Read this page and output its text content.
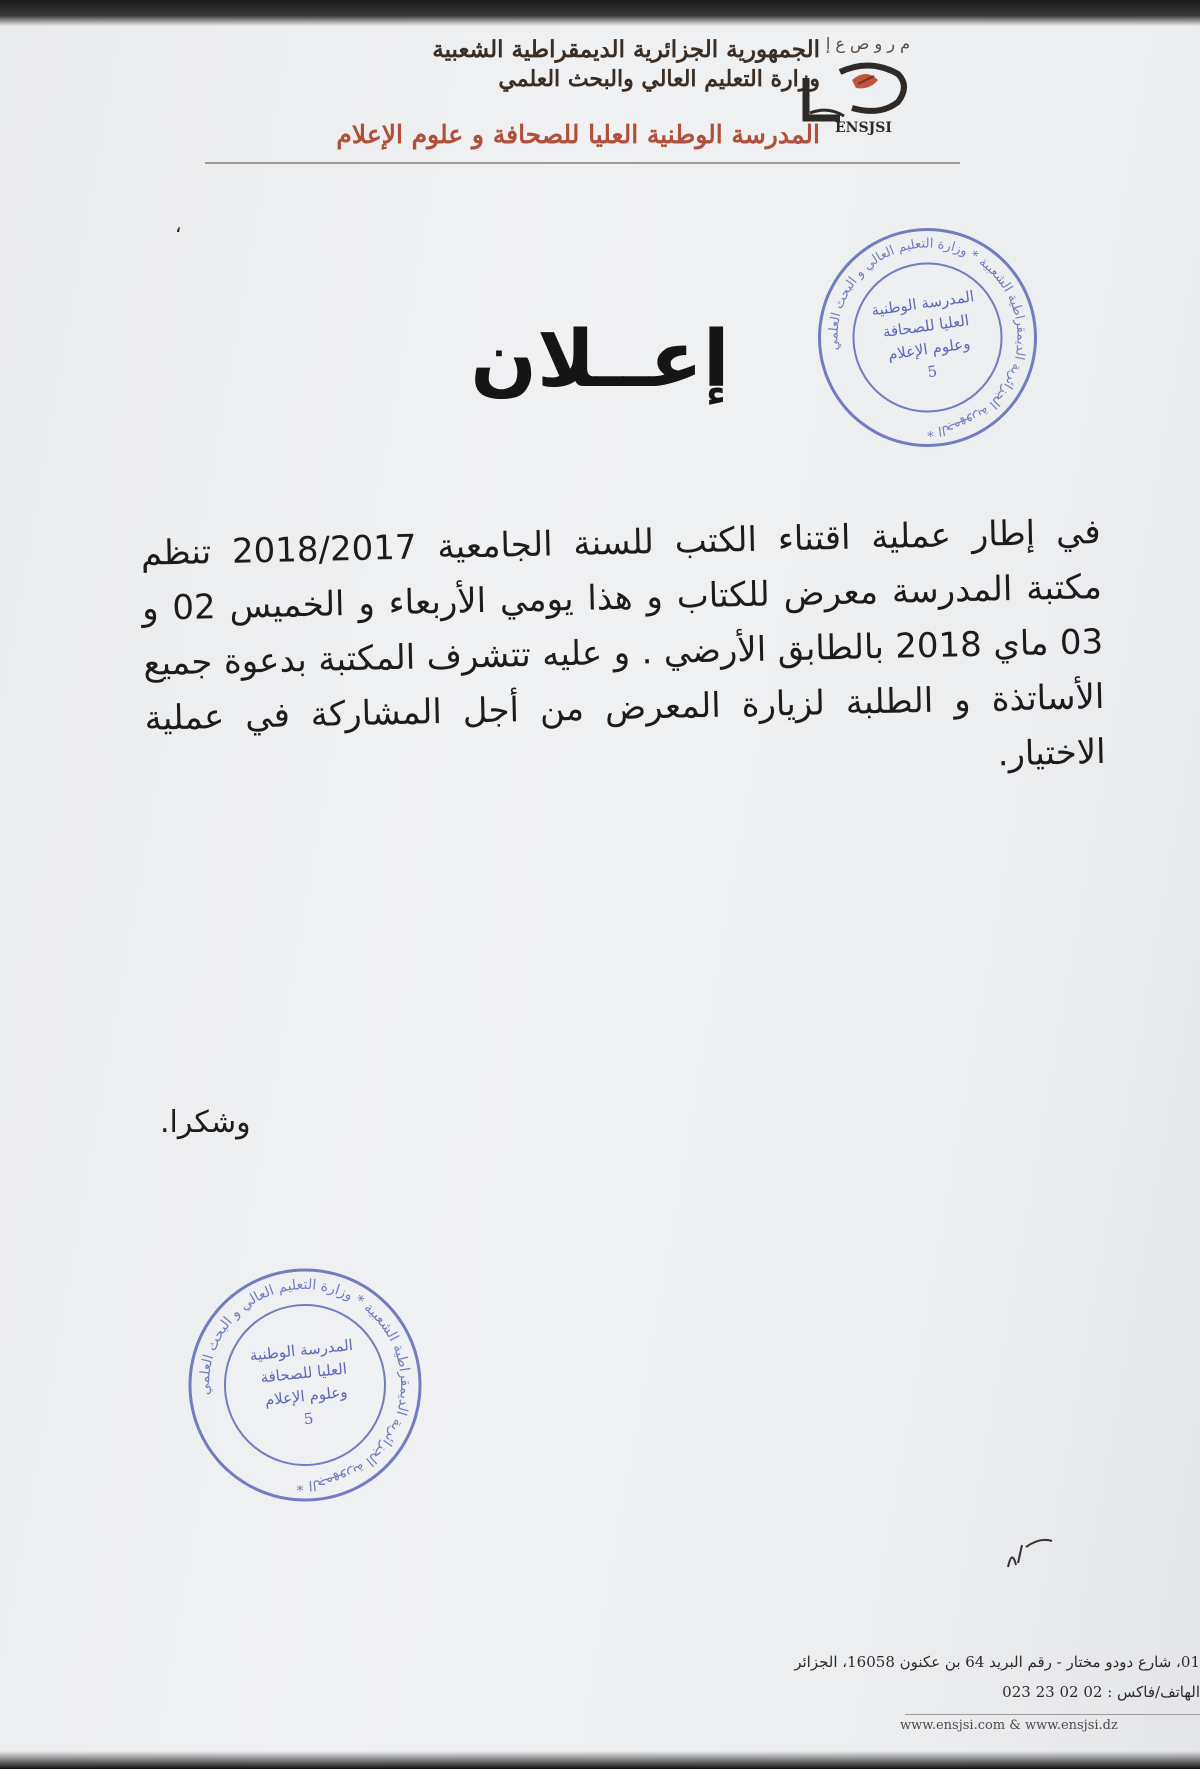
م ر و ص ع إ
الجمهورية الجزائرية الديمقراطية الشعبية
وزارة التعليم العالي والبحث العلمي
المدرسة الوطنية العليا للصحافة و علوم الإعلام ENSJSI
،
الجمهورية الجزائرية الديمقراطية الشعبية * وزارة التعليم العالي و البحث العلمي *
المدرسة الوطنية
العليا للصحافة
وعلوم الإعلام
5
إعــلان

في إطار عملية اقتناء الكتب للسنة الجامعية 2018/2017 تنظم مكتبة المدرسة معرض للكتاب و هذا يومي الأربعاء و الخميس 02 و 03 ماي 2018 بالطابق الأرضي . و عليه تتشرف المكتبة بدعوة جميع الأساتذة و الطلبة لزيارة المعرض من أجل المشاركة في عملية الاختيار.

وشكرا.
الجمهورية الجزائرية الديمقراطية الشعبية * وزارة التعليم العالي و البحث العلمي *
المدرسة الوطنية
العليا للصحافة
وعلوم الإعلام
5
01، شارع دودو مختار - رقم البريد 64 بن عكنون 16058، الجزائر
الهاتف/فاكس : 02 02 23 023
www.ensjsi.com & www.ensjsi.dz
